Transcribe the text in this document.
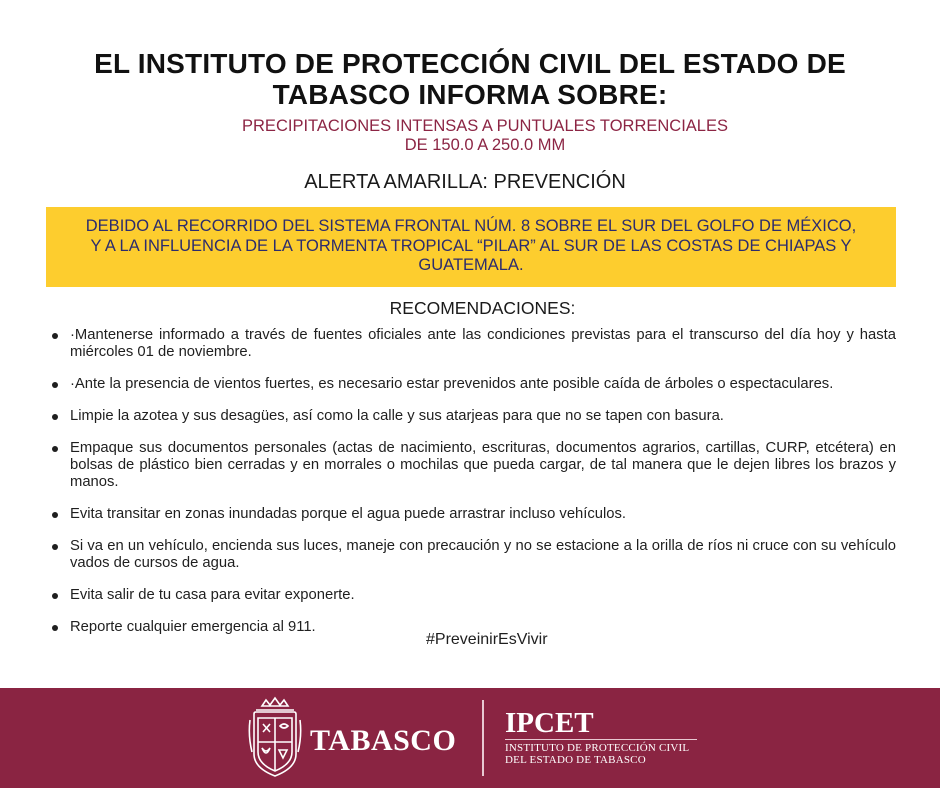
EL INSTITUTO DE PROTECCIÓN CIVIL DEL ESTADO DE
TABASCO INFORMA SOBRE:
PRECIPITACIONES INTENSAS A PUNTUALES TORRENCIALES
DE 150.0 A 250.0 MM
ALERTA AMARILLA: PREVENCIÓN
DEBIDO AL RECORRIDO DEL SISTEMA FRONTAL NÚM. 8 SOBRE EL SUR DEL GOLFO DE MÉXICO,
Y A LA INFLUENCIA DE LA TORMENTA TROPICAL “PILAR” AL SUR DE LAS COSTAS DE CHIAPAS Y
GUATEMALA.
RECOMENDACIONES:
·Mantenerse informado a través de fuentes oficiales ante las condiciones previstas para el transcurso del día hoy y hasta miércoles 01 de noviembre.
·Ante la presencia de vientos fuertes, es necesario estar prevenidos ante posible caída de árboles o espectaculares.
Limpie la azotea y sus desagües, así como la calle y sus atarjeas para que no se tapen con basura.
Empaque sus documentos personales (actas de nacimiento, escrituras, documentos agrarios, cartillas, CURP, etcétera) en bolsas de plástico bien cerradas y en morrales o mochilas que pueda cargar, de tal manera que le dejen libres los brazos y manos.
Evita transitar en zonas inundadas porque el agua puede arrastrar incluso vehículos.
Si va en un vehículo, encienda sus luces, maneje con precaución y no se estacione a la orilla de ríos ni cruce con su vehículo vados de cursos de agua.
Evita salir de tu casa para evitar exponerte.
Reporte cualquier emergencia al 911.
#PreveinirEsVivir
TABASCO
IPCET
INSTITUTO DE PROTECCIÓN CIVIL
DEL ESTADO DE TABASCO
